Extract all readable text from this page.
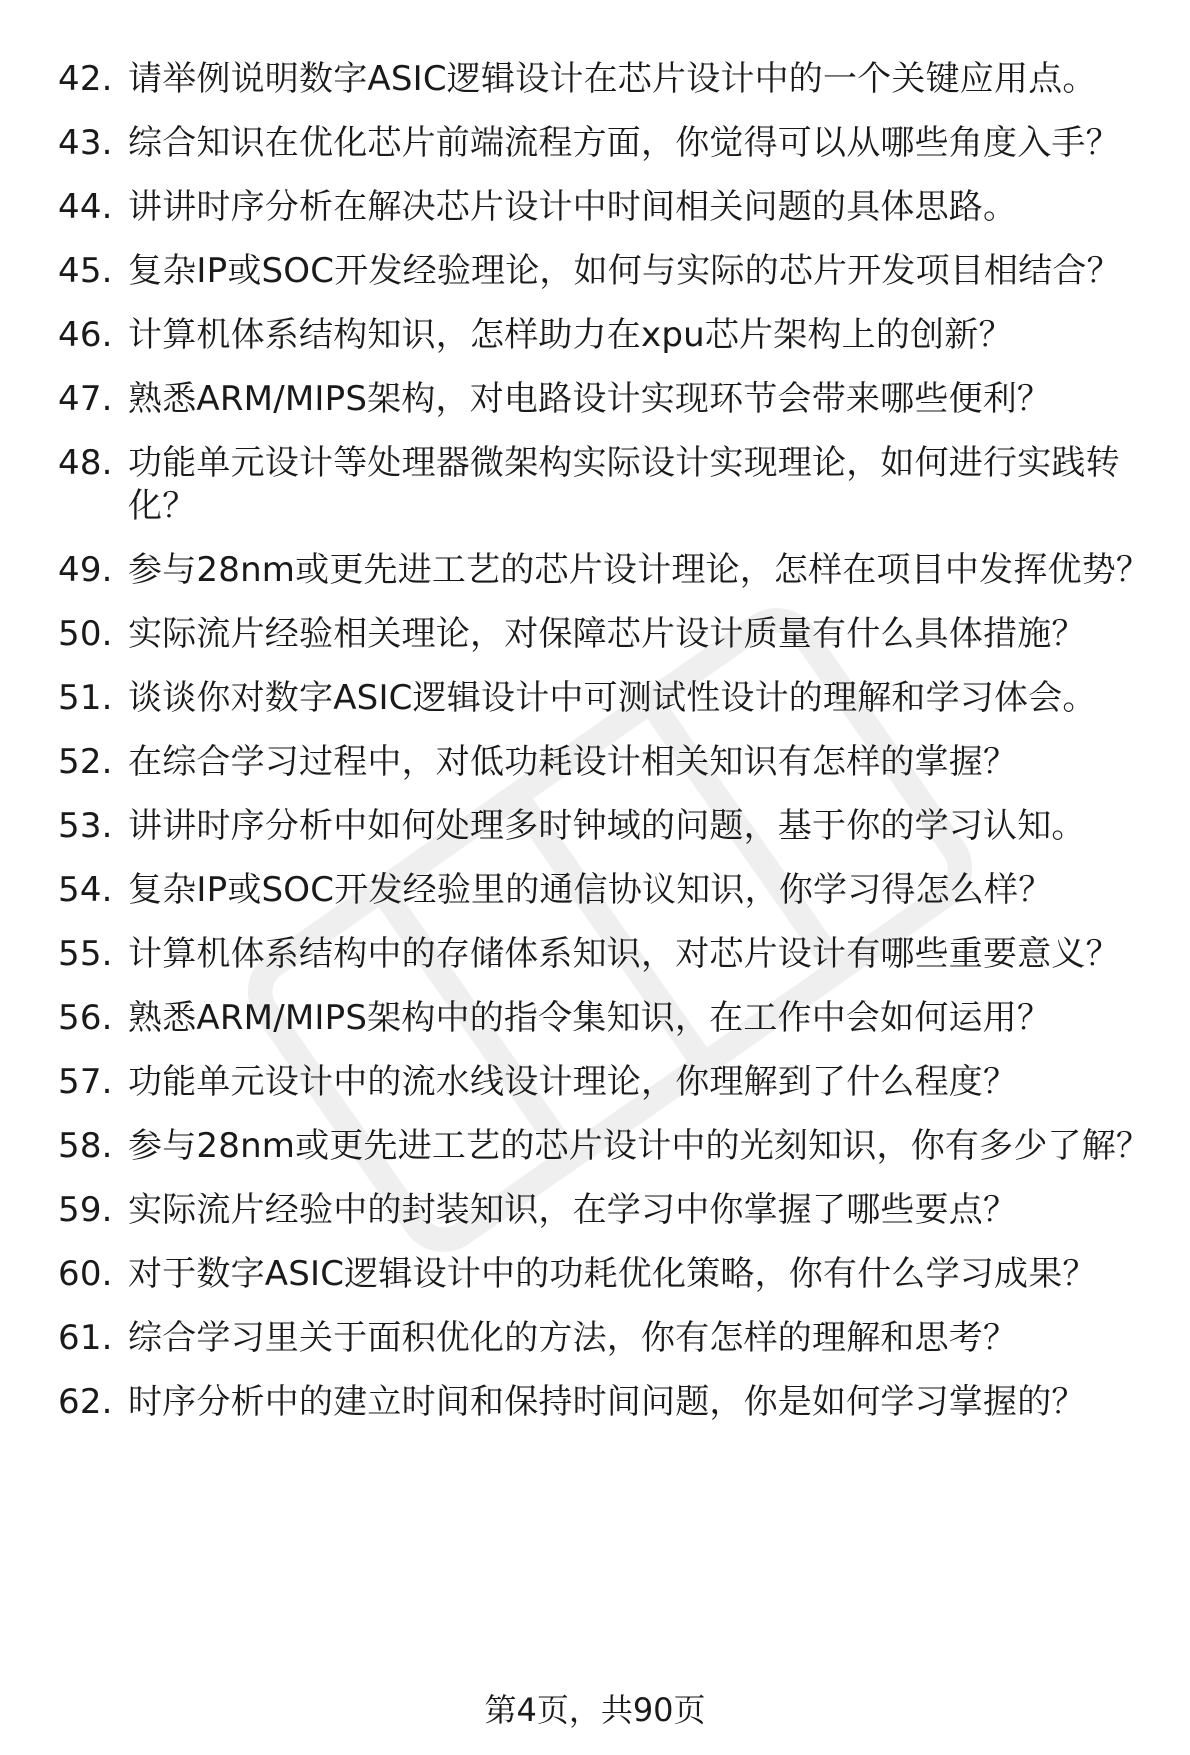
42. 请举例说明数字ASIC逻辑设计在芯片设计中的一个关键应用点。
43. 综合知识在优化芯片前端流程方面，你觉得可以从哪些角度入手？
44. 讲讲时序分析在解决芯片设计中时间相关问题的具体思路。
45. 复杂IP或SOC开发经验理论，如何与实际的芯片开发项目相结合？
46. 计算机体系结构知识，怎样助力在xpu芯片架构上的创新？
47. 熟悉ARM/MIPS架构，对电路设计实现环节会带来哪些便利？
48. 功能单元设计等处理器微架构实际设计实现理论，如何进行实践转化？
49. 参与28nm或更先进工艺的芯片设计理论，怎样在项目中发挥优势？
50. 实际流片经验相关理论，对保障芯片设计质量有什么具体措施？
51. 谈谈你对数字ASIC逻辑设计中可测试性设计的理解和学习体会。
52. 在综合学习过程中，对低功耗设计相关知识有怎样的掌握？
53. 讲讲时序分析中如何处理多时钟域的问题，基于你的学习认知。
54. 复杂IP或SOC开发经验里的通信协议知识，你学习得怎么样？
55. 计算机体系结构中的存储体系知识，对芯片设计有哪些重要意义？
56. 熟悉ARM/MIPS架构中的指令集知识，在工作中会如何运用？
57. 功能单元设计中的流水线设计理论，你理解到了什么程度？
58. 参与28nm或更先进工艺的芯片设计中的光刻知识，你有多少了解？
59. 实际流片经验中的封装知识，在学习中你掌握了哪些要点？
60. 对于数字ASIC逻辑设计中的功耗优化策略，你有什么学习成果？
61. 综合学习里关于面积优化的方法，你有怎样的理解和思考？
62. 时序分析中的建立时间和保持时间问题，你是如何学习掌握的？
第4页，共90页
